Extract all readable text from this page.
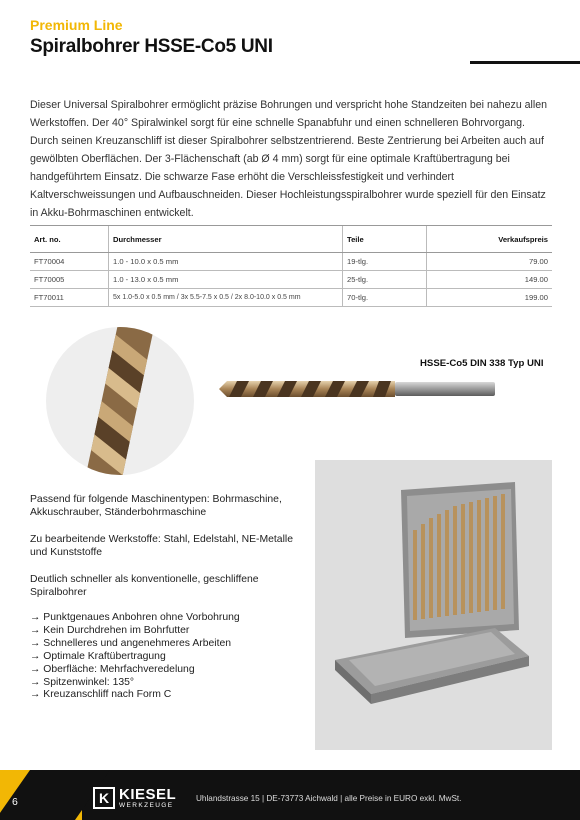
Premium Line
Spiralbohrer HSSE-Co5 UNI

Dieser Universal Spiralbohrer ermöglicht präzise Bohrungen und verspricht hohe Standzeiten bei nahezu allen Werkstoffen. Der 40° Spiralwinkel sorgt für eine schnelle Spanabfuhr und einen schnelleren Bohrvorgang. Durch seinen Kreuzanschliff ist dieser Spiralbohrer selbstzentrierend. Beste Zentrierung bei Arbeiten auch auf gewölbten Oberflächen. Der 3-Flächenschaft (ab Ø 4 mm) sorgt für eine optimale Kraftübertragung bei handgeführtem Einsatz. Die schwarze Fase erhöht die Verschleissfestigkeit und verhindert Kaltverschweissungen und Aufbauschneiden. Dieser Hochleistungsspiralbohrer wurde speziell für den Einsatz in Akku-Bohrmaschinen entwickelt.

Art. no.	Durchmesser	Teile	Verkaufspreis
FT70004	1.0 - 10.0 x 0.5 mm	19-tlg.	79.00
FT70005	1.0 - 13.0 x 0.5 mm	25-tlg.	149.00
FT70011	5x 1.0-5.0 x 0.5 mm / 3x 5.5-7.5 x 0.5 / 2x 8.0-10.0 x 0.5 mm	70-tlg.	199.00
HSSE-Co5 DIN 338 Typ UNI

Passend für folgende Maschinentypen: Bohrmaschine, Akkuschrauber, Ständerbohrmaschine

Zu bearbeitende Werkstoffe: Stahl, Edelstahl, NE-Metalle und Kunststoffe

Deutlich schneller als konventionelle, geschliffene Spiralbohrer

→ Punktgenaues Anbohren ohne Vorbohrung
→ Kein Durchdrehen im Bohrfutter
→ Schnelleres und angenehmeres Arbeiten
→ Optimale Kraftübertragung
→ Oberfläche: Mehrfachveredelung
→ Spitzenwinkel: 135°
→ Kreuzanschliff nach Form C
6	K KIESEL
WERKZEUGE
Uhlandstrasse 15 | DE-73773 Aichwald | alle Preise in EURO exkl. MwSt.
